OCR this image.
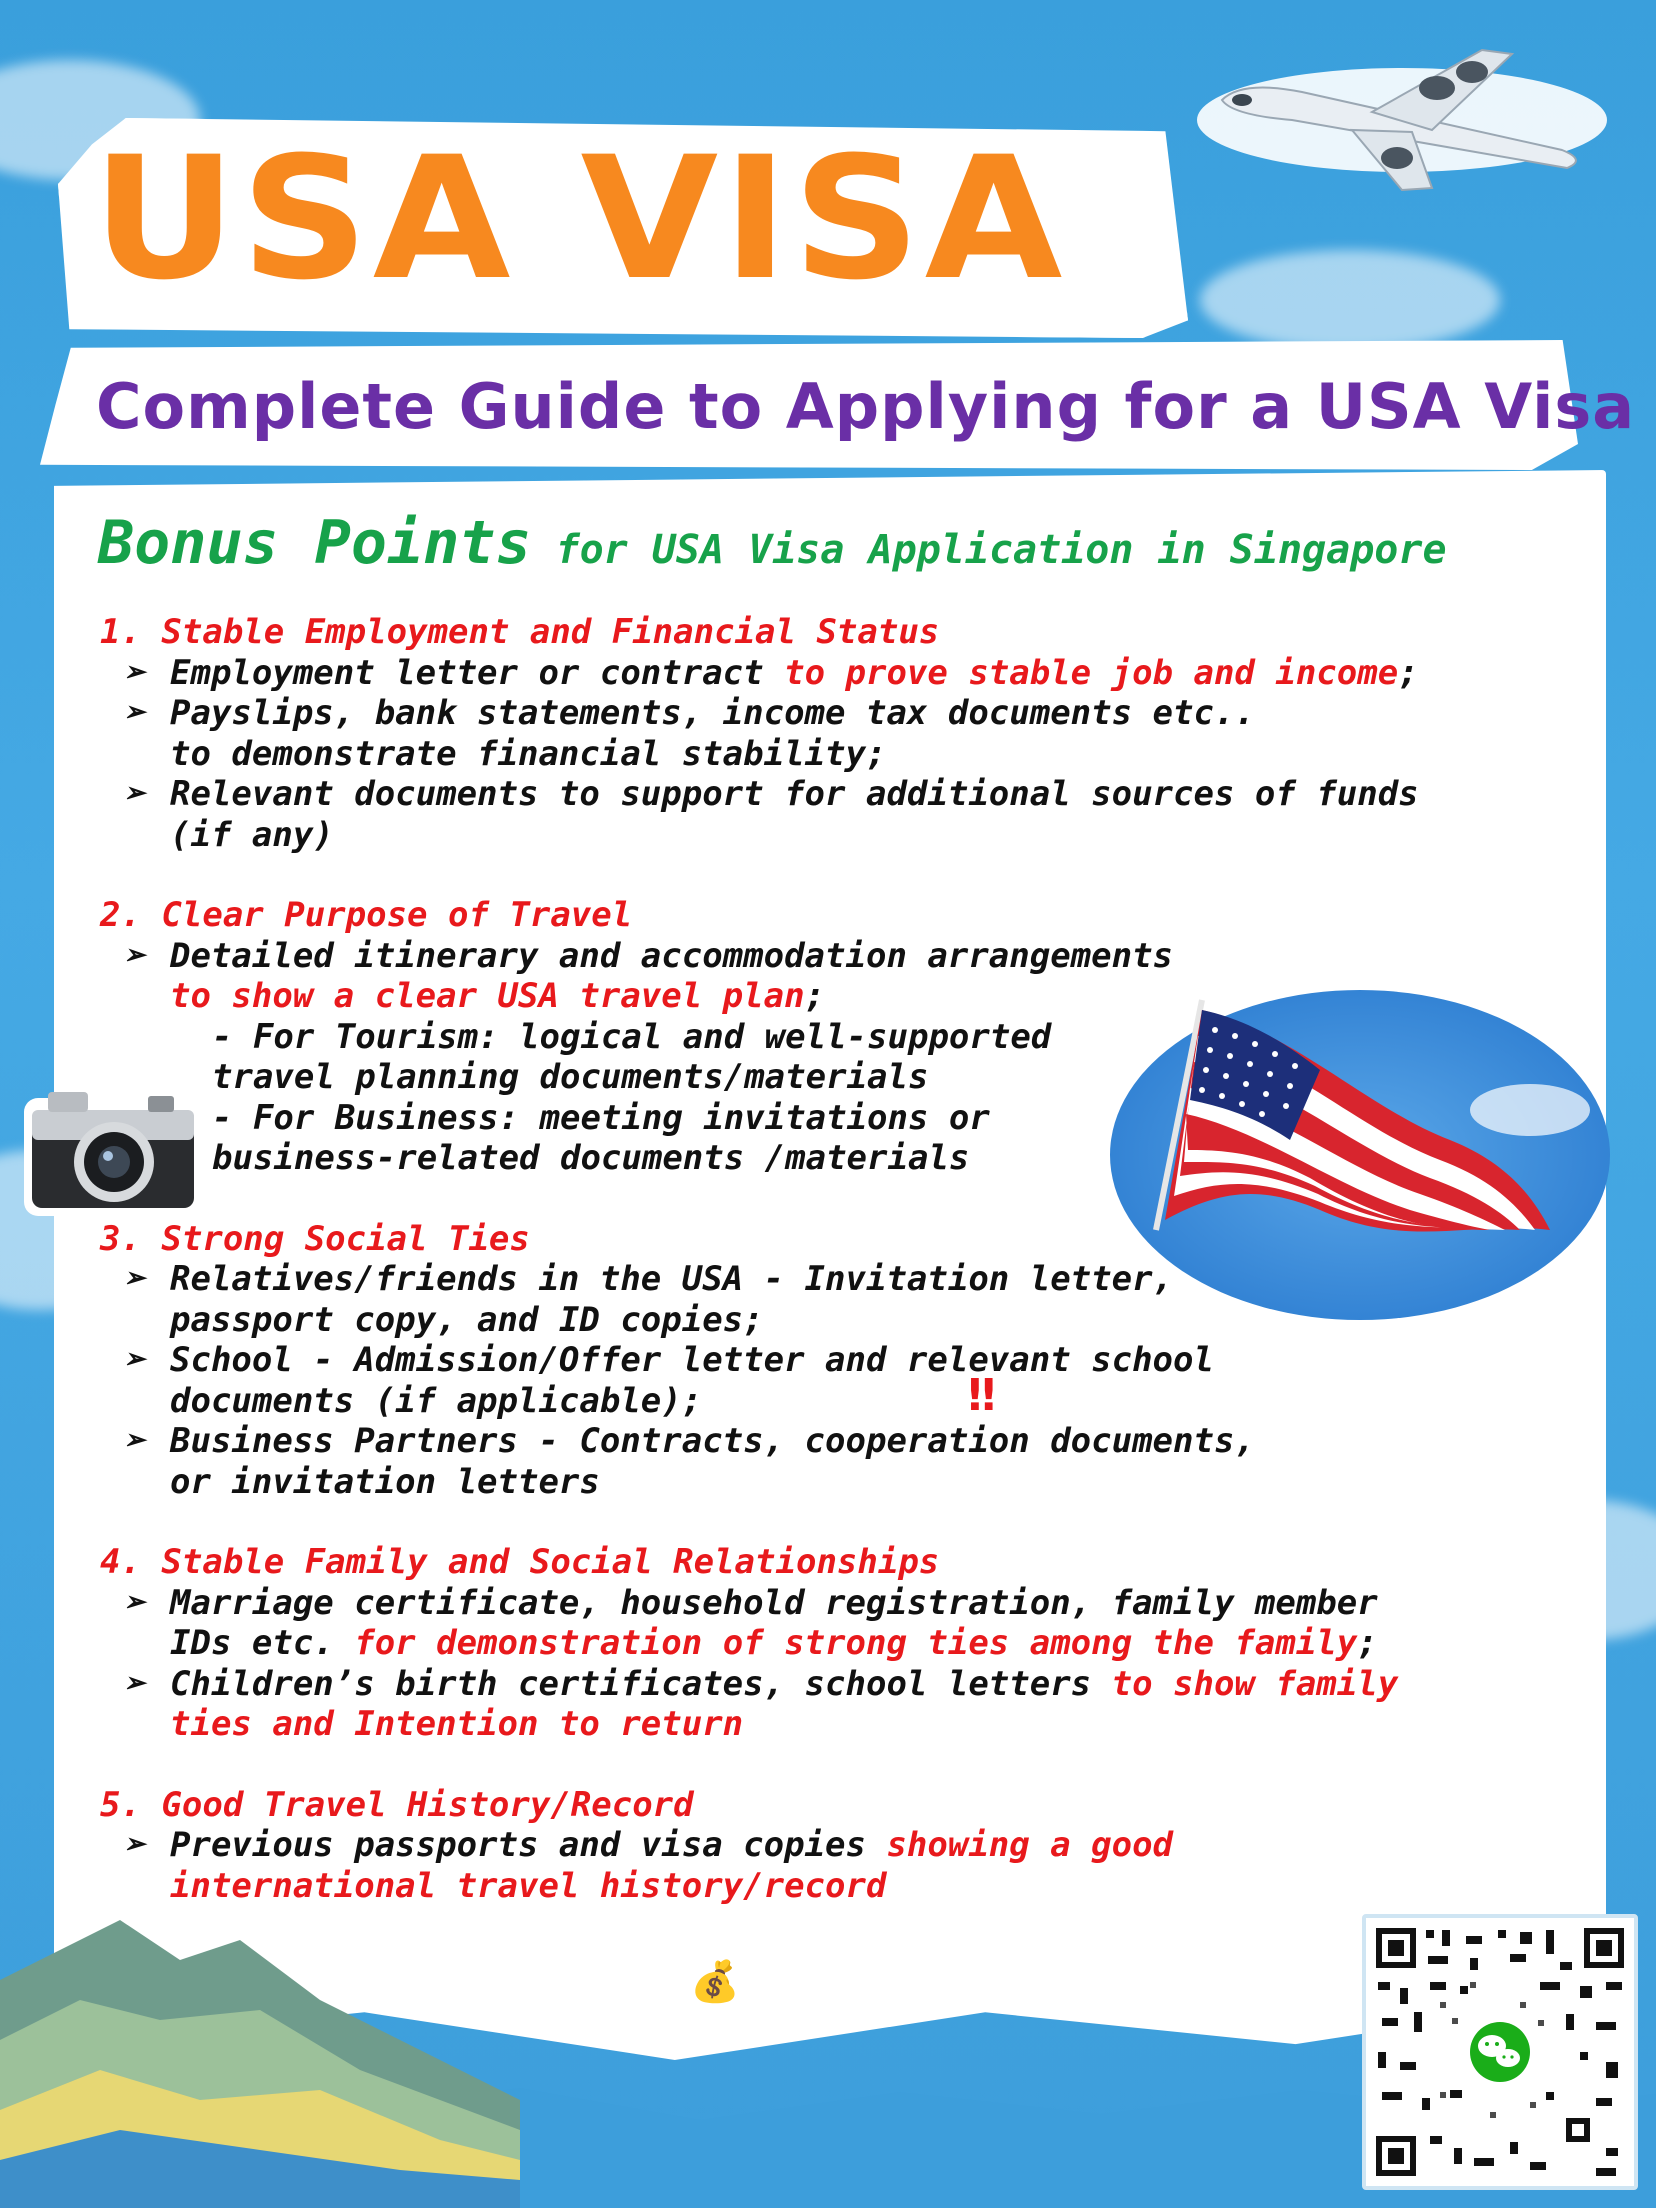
USA VISA
Complete Guide to Applying for a USA Visa
Bonus Points for USA Visa Application in Singapore
1. Stable Employment and Financial Status
➢ Employment letter or contract to prove stable job and income;
➢ Payslips, bank statements, income tax documents etc..
to demonstrate financial stability;
➢ Relevant documents to support for additional sources of funds
(if any)
2. Clear Purpose of Travel
➢ Detailed itinerary and accommodation arrangements
to show a clear USA travel plan;
- For Tourism: logical and well-supported
travel planning documents/materials
- For Business: meeting invitations or
business-related documents /materials
3. Strong Social Ties
➢ Relatives/friends in the USA - Invitation letter,
passport copy, and ID copies;
➢ School - Admission/Offer letter and relevant school
documents (if applicable);
➢ Business Partners - Contracts, cooperation documents,
or invitation letters
4. Stable Family and Social Relationships
➢ Marriage certificate, household registration, family member
IDs etc. for demonstration of strong ties among the family;
➢ Children’s birth certificates, school letters to show family
ties and Intention to return
5. Good Travel History/Record
➢ Previous passports and visa copies showing a good
international travel history/record
‼
💰
